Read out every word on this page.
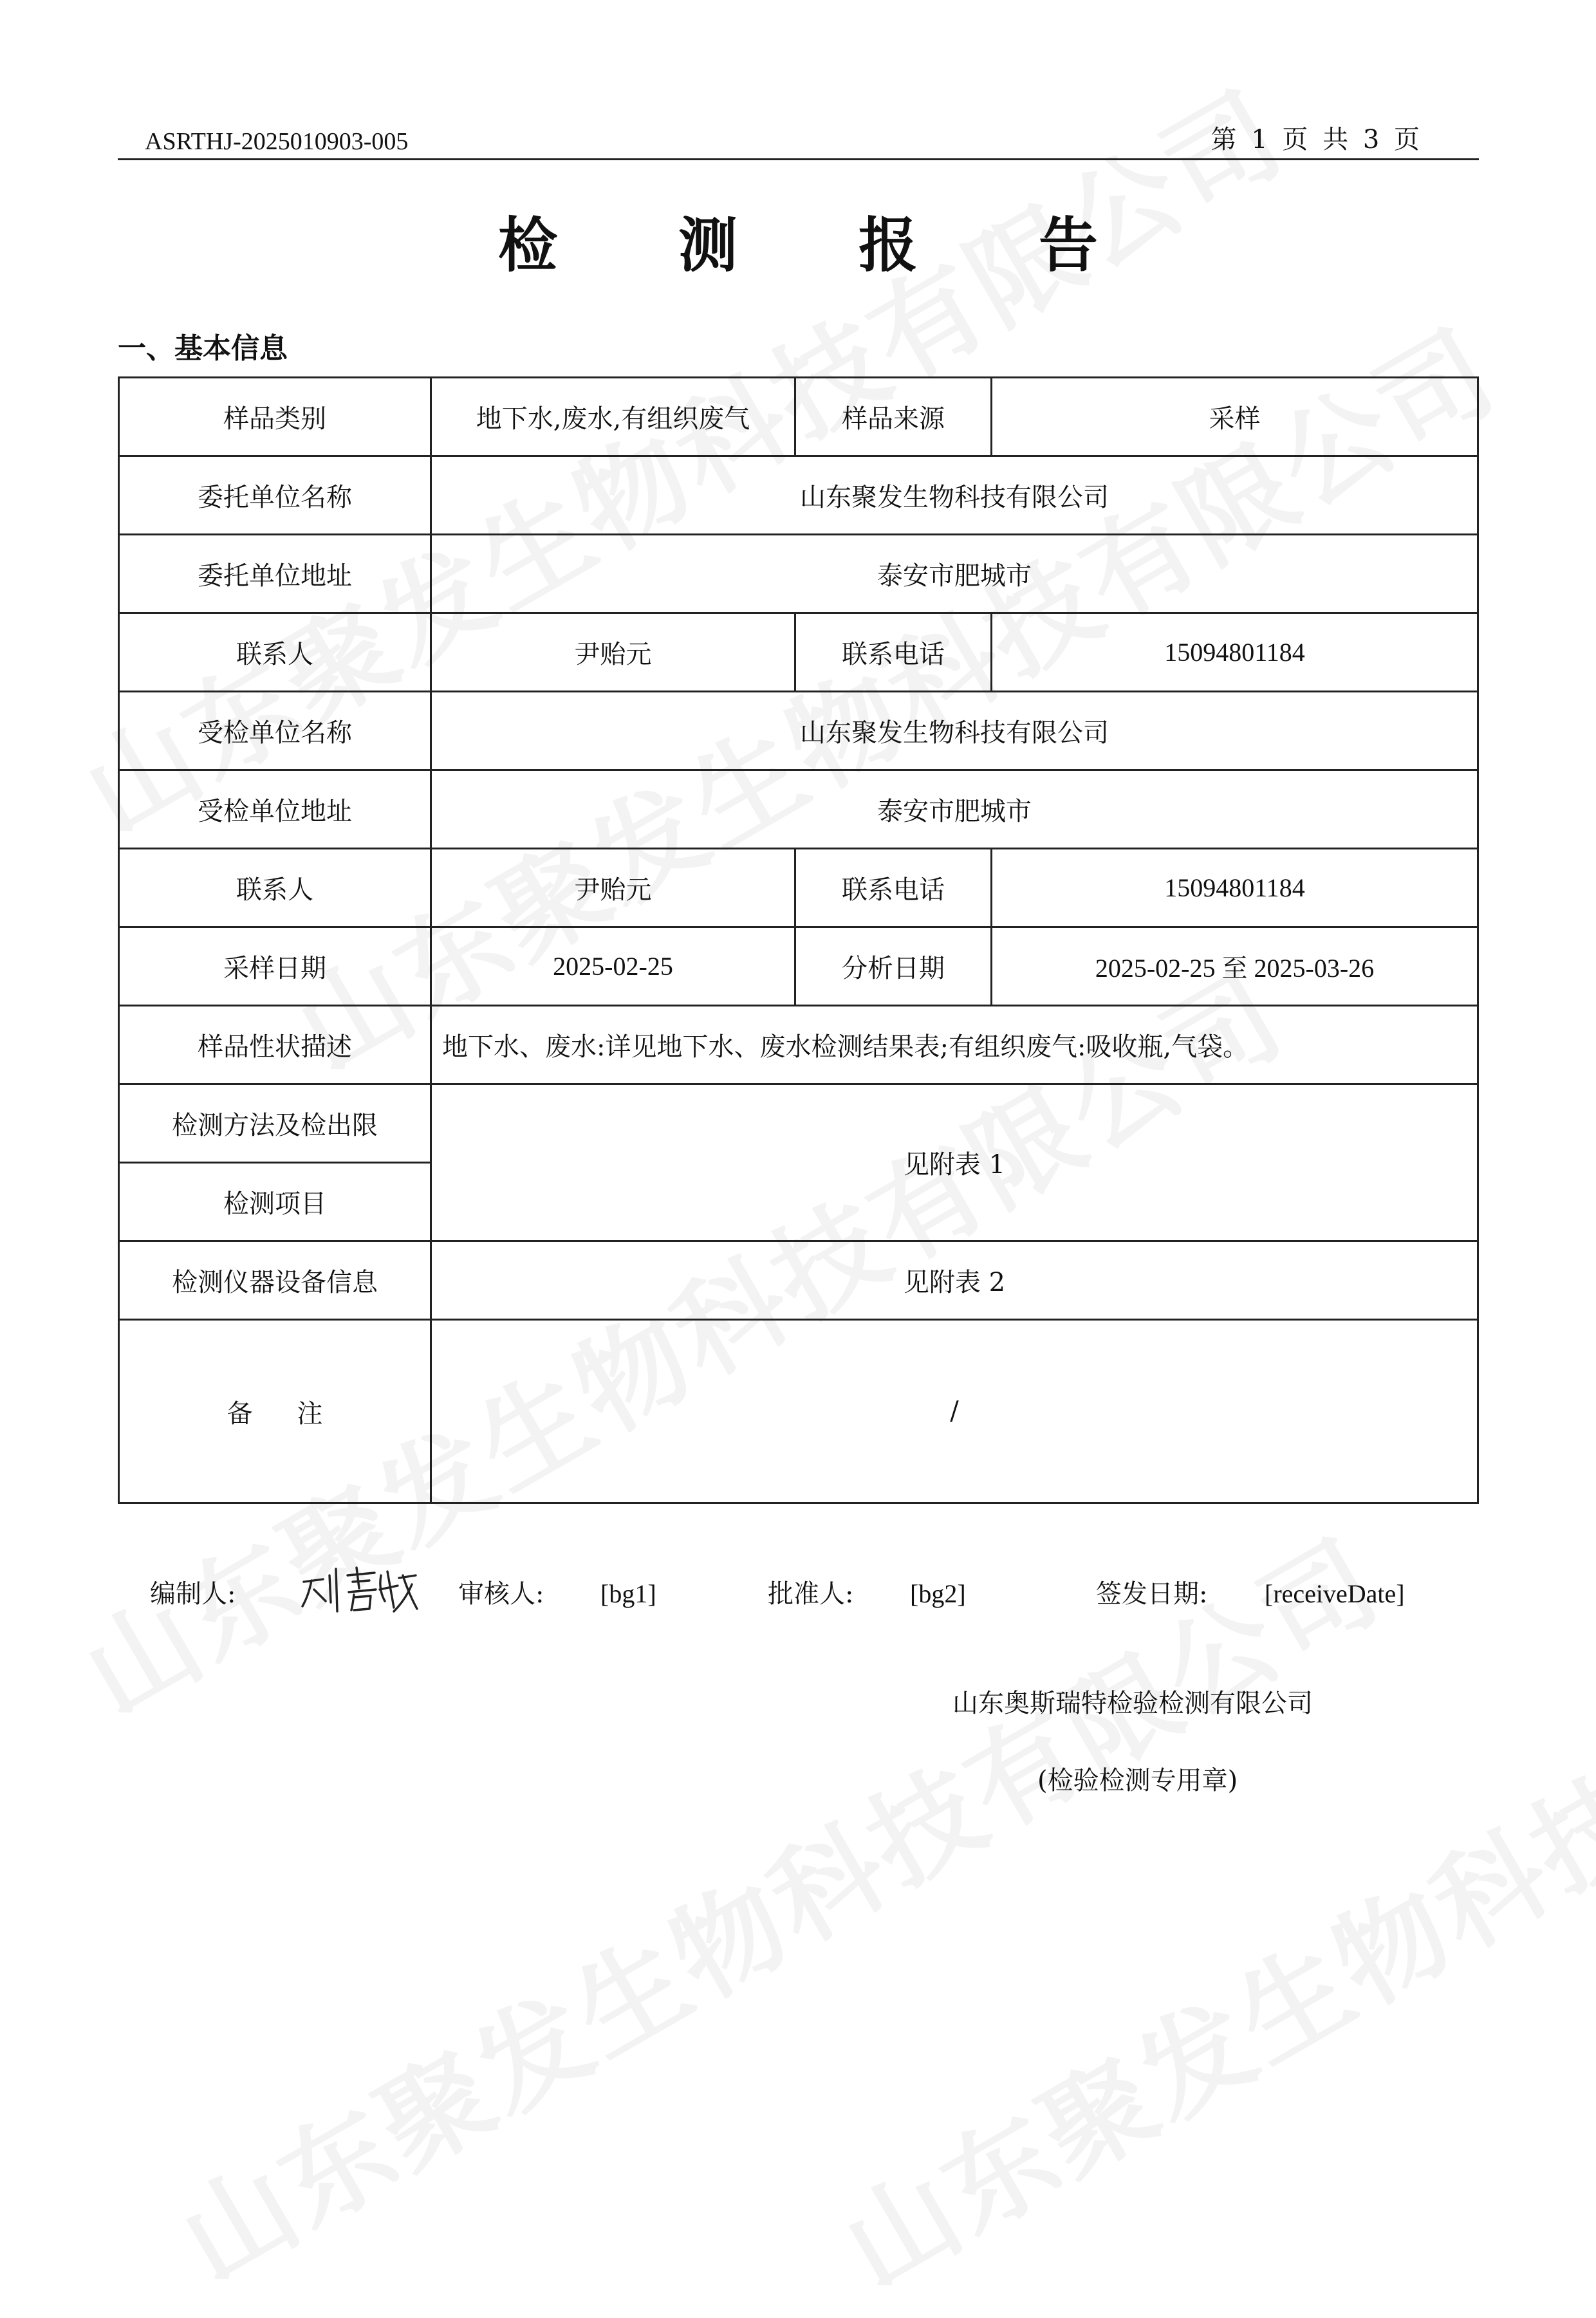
ASRTHJ-2025010903-005	第 1 页 共 3 页
检 测 报 告
一、基本信息
样品类别	地下水,废水,有组织废气	样品来源	采样
委托单位名称	山东聚发生物科技有限公司		
委托单位地址	泰安市肥城市		
联系人	尹贻元	联系电话	15094801184
受检单位名称	山东聚发生物科技有限公司		
受检单位地址	泰安市肥城市		
联系人	尹贻元	联系电话	15094801184
采样日期	2025-02-25	分析日期	2025-02-25 至 2025-03-26
样品性状描述	地下水、废水:详见地下水、废水检测结果表;有组织废气:吸收瓶,气袋。		
检测方法及检出限	见附表 1		
检测项目			
检测仪器设备信息	见附表 2		
备 注	/		
编制人:	审核人: [bg1]	批准人: [bg2]	签发日期: [receiveDate]
山东奥斯瑞特检验检测有限公司
(检验检测专用章)
